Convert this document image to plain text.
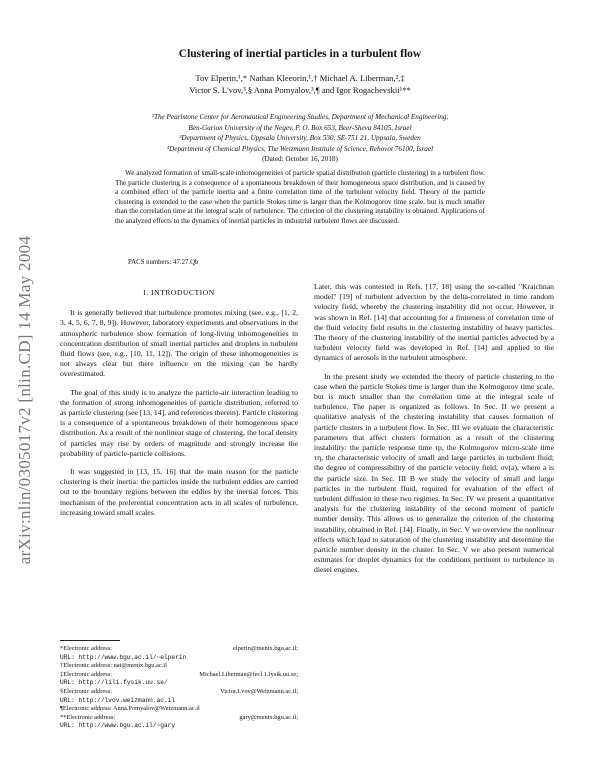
arXiv:nlin/0305017v2 [nlin.CD] 14 May 2004
Clustering of inertial particles in a turbulent flow
Tov Elperin,¹,* Nathan Kleeorin,¹,† Michael A. Liberman,²,‡
Victor S. L'vov,³,§ Anna Pomyalov,³,¶ and Igor Rogachevskii¹**
¹The Pearlstone Center for Aeronautical Engineering Studies, Department of Mechanical Engineering,
Ben-Gurion University of the Negev, P. O. Box 653, Beer-Sheva 84105, Israel
²Department of Physics, Uppsala University, Box 530, SE-751 21, Uppsala, Sweden
³Department of Chemical Physics, The Weizmann Institute of Science, Rehovot 76100, Israel
(Dated: October 16, 2018)
We analyzed formation of small-scale inhomogeneities of particle spatial distribution (particle clustering) in a turbulent flow. The particle clustering is a consequence of a spontaneous breakdown of their homogeneous space distribution, and is caused by a combined effect of the particle inertia and a finite correlation time of the turbulent velocity field. Theory of the particle clustering is extended to the case when the particle Stokes time is larger than the Kolmogorov time scale, but is much smaller than the correlation time at the integral scale of turbulence. The criterion of the clustering instability is obtained. Applications of the analyzed effects to the dynamics of inertial particles in industrial turbulent flows are discussed.
PACS numbers: 47.27.Qb
I. INTRODUCTION

It is generally believed that turbulence promotes mixing (see, e.g., [1, 2, 3, 4, 5, 6, 7, 8, 9]). However, laboratory experiments and observations in the atmospheric turbulence show formation of long-living inhomogeneities in concentration distribution of small inertial particles and droplets in turbulent fluid flows (see, e.g., [10, 11, 12]). The origin of these inhomogeneities is not always clear but there influence on the mixing can be hardly overestimated.

The goal of this study is to analyze the particle-air interaction leading to the formation of strong inhomogeneities of particle distribution, referred to as particle clustering (see [13, 14], and references therein). Particle clustering is a consequence of a spontaneous breakdown of their homogeneous space distribution. As a result of the nonlinear stage of clustering, the local density of particles may rise by orders of magnitude and strongly increase the probability of particle-particle collisions.

It was suggested in [13, 15, 16] that the main reason for the particle clustering is their inertia: the particles inside the turbulent eddies are carried out to the boundary regions between the eddies by the inertial forces. This mechanism of the preferential concentration acts in all scales of turbulence, increasing toward small scales.

Later, this was contested in Refs. [17, 18] using the so-called "Kraichnan model" [19] of turbulent advection by the delta-correlated in time random velocity field, whereby the clustering instability did not occur. However, it was shown in Ref. [14] that accounting for a finiteness of correlation time of the fluid velocity field results in the clustering instability of heavy particles. The theory of the clustering instability of the inertial particles advected by a turbulent velocity field was developed in Ref. [14] and applied to the dynamics of aerosols in the turbulent atmosphere.

In the present study we extended the theory of particle clustering to the case when the particle Stokes time is larger than the Kolmogorov time scale, but is much smaller than the correlation time at the integral scale of turbulence. The paper is organized as follows. In Sec. II we present a qualitative analysis of the clustering instability that causes formation of particle clusters in a turbulent flow. In Sec. III we evaluate the characteristic parameters that affect clusters formation as a result of the clustering instability: the particle response time τp, the Kolmogorov micro-scale time τη, the characteristic velocity of small and large particles in turbulent fluid; the degree of compressibility of the particle velocity field, σv(a), where a is the particle size. In Sec. III B we study the velocity of small and large particles in the turbulent fluid, required for evaluation of the effect of turbulent diffusion in these two regimes. In Sec. IV we present a quantitative analysis for the clustering instability of the second moment of particle number density. This allows us to generalize the criterion of the clustering instability, obtained in Ref. [14]. Finally, in Sec. V we overview the nonlinear effects which lead to saturation of the clustering instability and determine the particle number density in the cluster. In Sec. V we also present numerical estimates for droplet dynamics for the conditions pertinent to turbulence in diesel engines.

*Electronic address:	elperin@menix.bgu.ac.il;
URL: http://www.bgu.ac.il/~elperin
†Electronic address: nat@menix.bgu.ac.il
‡Electronic address:	Michael.Liberman@fecl 1.fysik.uu.se;
URL: http://lili.fysik.uu.se/
§Electronic address:	Victor.Lvov@Weizmann.ac.il;
URL: http://lvov.weizmann.ac.il
¶Electronic address: Anna.Pomyalov@Weizmann.ac.il
**Electronic address:	gary@menix.bgu.ac.il;
URL: http://www.bgu.ac.il/~gary
